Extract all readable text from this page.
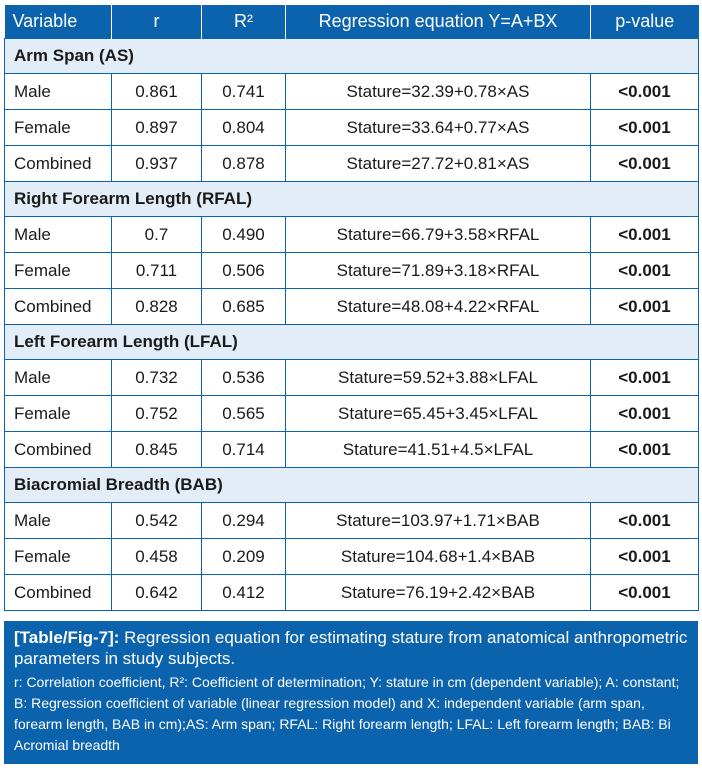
Variable	r	R²	Regression equation Y=A+BX	p-value
Arm Span (AS)				
Male	0.861	0.741	Stature=32.39+0.78×AS	<0.001
Female	0.897	0.804	Stature=33.64+0.77×AS	<0.001
Combined	0.937	0.878	Stature=27.72+0.81×AS	<0.001
Right Forearm Length (RFAL)				
Male	0.7	0.490	Stature=66.79+3.58×RFAL	<0.001
Female	0.711	0.506	Stature=71.89+3.18×RFAL	<0.001
Combined	0.828	0.685	Stature=48.08+4.22×RFAL	<0.001
Left Forearm Length (LFAL)				
Male	0.732	0.536	Stature=59.52+3.88×LFAL	<0.001
Female	0.752	0.565	Stature=65.45+3.45×LFAL	<0.001
Combined	0.845	0.714	Stature=41.51+4.5×LFAL	<0.001
Biacromial Breadth (BAB)				
Male	0.542	0.294	Stature=103.97+1.71×BAB	<0.001
Female	0.458	0.209	Stature=104.68+1.4×BAB	<0.001
Combined	0.642	0.412	Stature=76.19+2.42×BAB	<0.001
[Table/Fig-7]: Regression equation for estimating stature from anatomical anthropometric parameters in study subjects.
r: Correlation coefficient, R²: Coefficient of determination; Y: stature in cm (dependent variable); A: constant; B: Regression coefficient of variable (linear regression model) and X: independent variable (arm span, forearm length, BAB in cm);AS: Arm span; RFAL: Right forearm length; LFAL: Left forearm length; BAB: Bi Acromial breadth
